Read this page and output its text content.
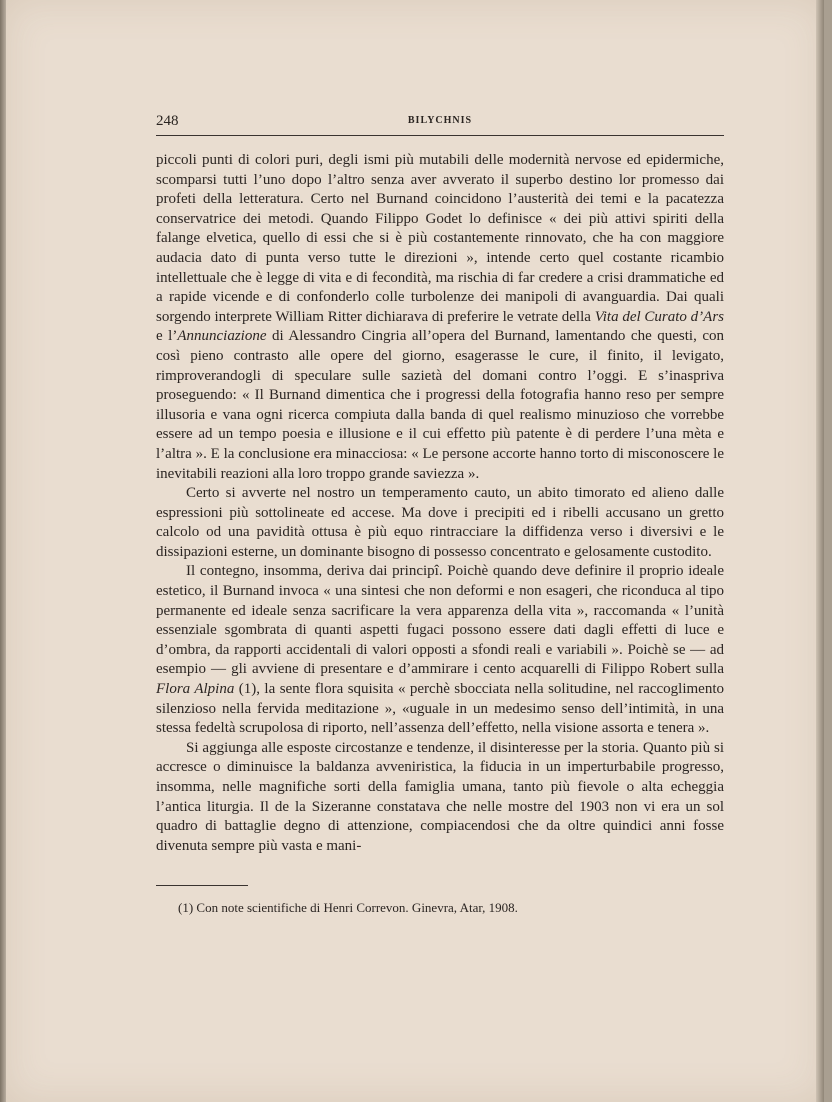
248	BILYCHNIS

piccoli punti di colori puri, degli ismi più mutabili delle modernità nervose ed epidermiche, scomparsi tutti l’uno dopo l’altro senza aver avverato il superbo destino lor promesso dai profeti della letteratura. Certo nel Burnand coincidono l’austerità dei temi e la pacatezza conservatrice dei metodi. Quando Filippo Godet lo definisce « dei più attivi spiriti della falange elvetica, quello di essi che si è più costantemente rinnovato, che ha con maggiore audacia dato di punta verso tutte le direzioni », intende certo quel costante ricambio intellettuale che è legge di vita e di fecondità, ma rischia di far credere a crisi drammatiche ed a rapide vicende e di confonderlo colle turbolenze dei manipoli di avanguardia. Dai quali sorgendo interprete William Ritter dichiarava di preferire le vetrate della Vita del Curato d’Ars e l’Annunciazione di Alessandro Cingria all’opera del Burnand, lamentando che questi, con così pieno contrasto alle opere del giorno, esagerasse le cure, il finito, il levigato, rimproverandogli di speculare sulle sazietà del domani contro l’oggi. E s’inaspriva proseguendo: « Il Burnand dimentica che i progressi della fotografia hanno reso per sempre illusoria e vana ogni ricerca compiuta dalla banda di quel realismo minuzioso che vorrebbe essere ad un tempo poesia e illusione e il cui effetto più patente è di perdere l’una mèta e l’altra ». E la conclusione era minacciosa: « Le persone accorte hanno torto di misconoscere le inevitabili reazioni alla loro troppo grande saviezza ».

Certo si avverte nel nostro un temperamento cauto, un abito timorato ed alieno dalle espressioni più sottolineate ed accese. Ma dove i precipiti ed i ribelli accusano un gretto calcolo od una pavidità ottusa è più equo rintracciare la diffidenza verso i diversivi e le dissipazioni esterne, un dominante bisogno di possesso concentrato e gelosamente custodito.

Il contegno, insomma, deriva dai principî. Poichè quando deve definire il proprio ideale estetico, il Burnand invoca « una sintesi che non deformi e non esageri, che riconduca al tipo permanente ed ideale senza sacrificare la vera apparenza della vita », raccomanda « l’unità essenziale sgombrata di quanti aspetti fugaci possono essere dati dagli effetti di luce e d’ombra, da rapporti accidentali di valori opposti a sfondi reali e variabili ». Poichè se — ad esempio — gli avviene di presentare e d’ammirare i cento acquarelli di Filippo Robert sulla Flora Alpina (1), la sente flora squisita « perchè sbocciata nella solitudine, nel raccoglimento silenzioso nella fervida meditazione », «uguale in un medesimo senso dell’intimità, in una stessa fedeltà scrupolosa di riporto, nell’assenza dell’effetto, nella visione assorta e tenera ».

Si aggiunga alle esposte circostanze e tendenze, il disinteresse per la storia. Quanto più si accresce o diminuisce la baldanza avveniristica, la fiducia in un imperturbabile progresso, insomma, nelle magnifiche sorti della famiglia umana, tanto più fievole o alta echeggia l’antica liturgia. Il de la Sizeranne constatava che nelle mostre del 1903 non vi era un sol quadro di battaglie degno di attenzione, compiacendosi che da oltre quindici anni fosse divenuta sempre più vasta e mani-

(1) Con note scientifiche di Henri Correvon. Ginevra, Atar, 1908.
